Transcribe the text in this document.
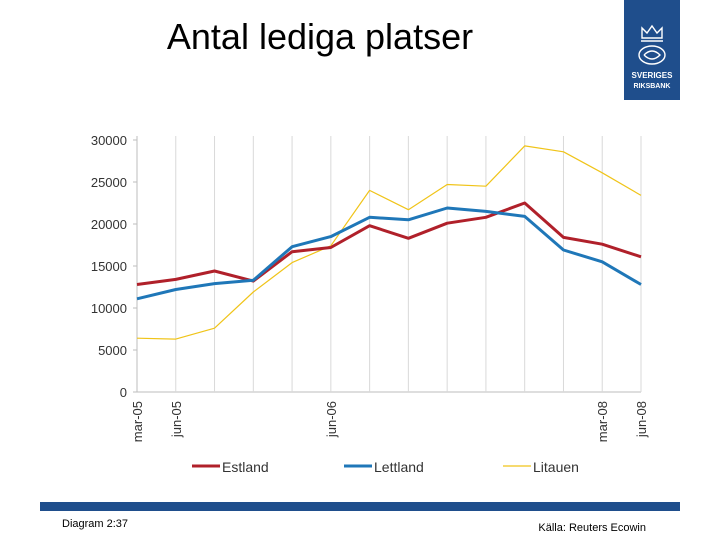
Antal lediga platser
SVERIGES
RIKSBANK
0
5000
10000
15000
20000
25000
30000
mar-05 jun-05	jun-06	mar-08 jun-08
Estland	Lettland	Litauen
Diagram 2:37	Källa: Reuters Ecowin
